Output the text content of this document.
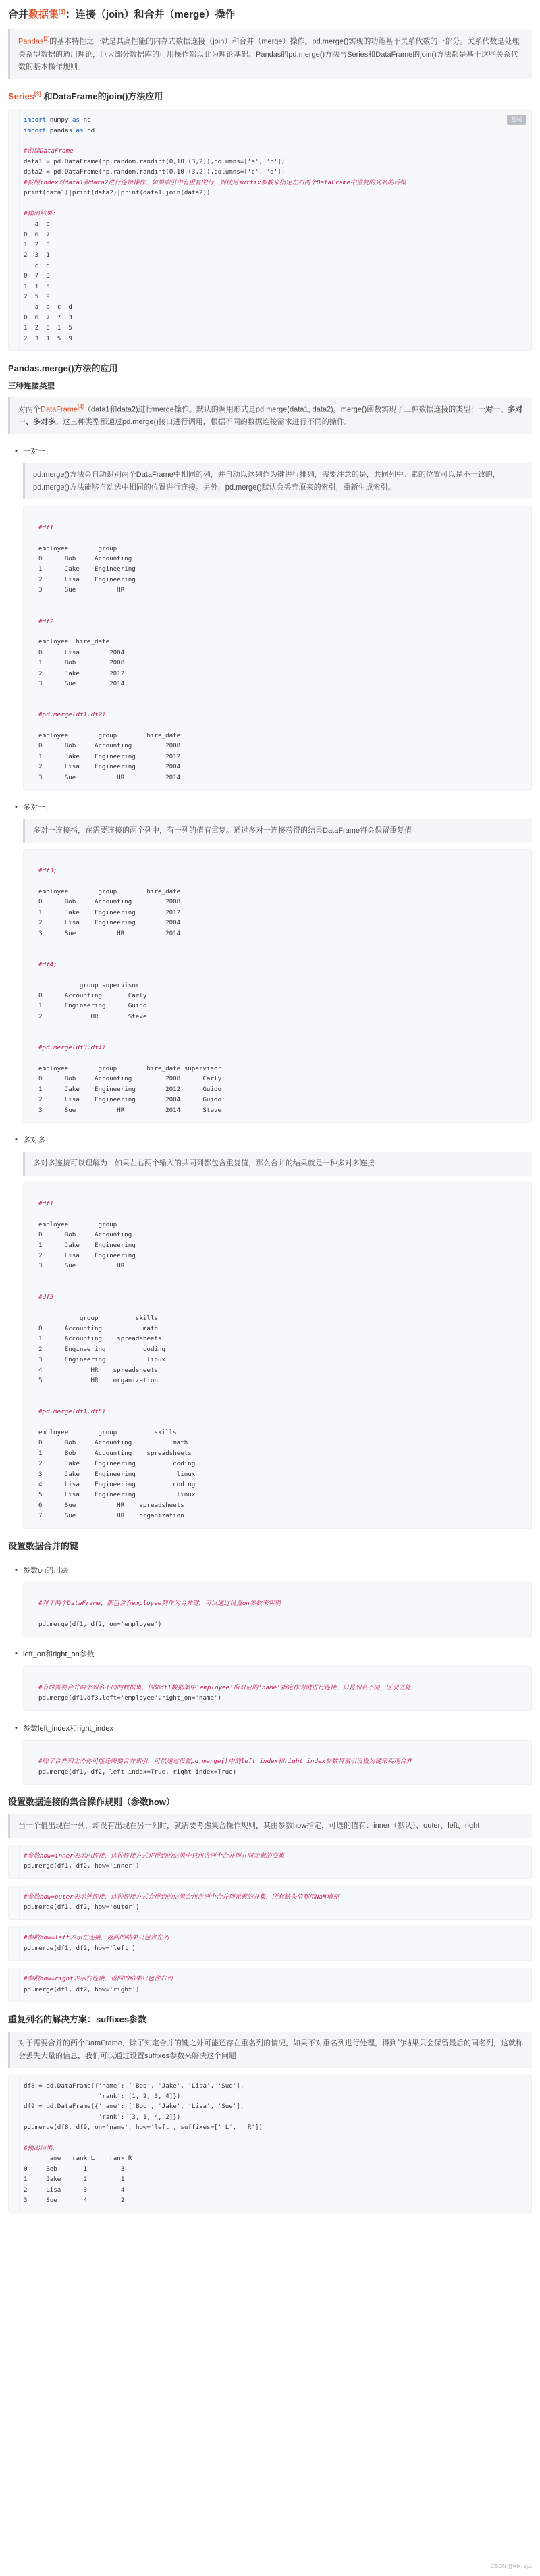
合并数据集[1]：连接（join）和合并（merge）操作
Pandas[2]的基本特性之一就是其高性能的内存式数据连接（join）和合并（merge）操作。pd.merge()实现的功能基于关系代数的一部分。关系代数是处理关系型数据的通用理论，巨大部分数据库的可用操作都以此为理论基础。Pandas的pd.merge()方法与Series和DataFrame的join()方法都是基于这些关系代数的基本操作规则。
Series[3] 和DataFrame的join()方法应用
复制
import numpy as np
import pandas as pd

#创建DataFrame
data1 = pd.DataFrame(np.random.randint(0,10,(3,2)),columns=['a', 'b'])
data2 = pd.DataFrame(np.random.randint(0,10,(3,2)),columns=['c', 'd'])
#按照index对data1和data2进行连接操作，如果索引中有重复的行，则使用suffix参数来指定左右两个DataFrame中重复的列名的后缀
print(data1)|print(data2)|print(data1.join(data2))

#输出结果：
a  b
0  6  7
1  2  0
2  3  1
c  d
0  7  3
1  1  5
2  5  9
a  b  c  d
0  6  7  7  3
1  2  0  1  5
2  3  1  5  9
Pandas.merge()方法的应用
三种连接类型
对两个DataFrame[4]（data1和data2)进行merge操作。默认的调用形式是pd.merge(data1, data2)。merge()函数实现了三种数据连接的类型：一对一、多对一、多对多。这三种类型都通过pd.merge()接口进行调用，根据不同的数据连接需求进行不同的操作。
• 一对一：
pd.merge()方法会自动识别两个DataFrame中相同的列，并自动以这列作为键进行排列，需要注意的是，共同列中元素的位置可以是不一致的，pd.merge()方法能够自动选中相同的位置进行连接。另外，pd.merge()默认会丢弃原来的索引，重新生成索引。

#df1

employee        group
0      Bob     Accounting
1      Jake    Engineering
2      Lisa    Engineering
3      Sue           HR

#df2

employee  hire_date
0      Lisa        2004
1      Bob         2008
2      Jake        2012
3      Sue         2014

#pd.merge(df1,df2)

employee        group        hire_date
0      Bob     Accounting         2008
1      Jake    Engineering        2012
2      Lisa    Engineering        2004
3      Sue           HR           2014
• 多对一：
多对一连接指，在需要连接的两个列中，有一列的值有重复。通过多对一连接获得的结果DataFrame将会保留重复值

#df3;

employee        group        hire_date
0      Bob     Accounting         2008
1      Jake    Engineering        2012
2      Lisa    Engineering        2004
3      Sue           HR           2014

#df4;

group supervisor
0      Accounting       Carly
1      Engineering      Guido
2             HR        Steve

#pd.merge(df3,df4)

employee        group        hire_date supervisor
0      Bob     Accounting         2008      Carly
1      Jake    Engineering        2012      Guido
2      Lisa    Engineering        2004      Guido
3      Sue           HR           2014      Steve
• 多对多：
多对多连接可以理解为：如果左右两个输入的共同列都包含重复值，那么合并的结果就是一种多对多连接

#df1

employee        group
0      Bob     Accounting
1      Jake    Engineering
2      Lisa    Engineering
3      Sue           HR

#df5

group          skills
0      Accounting           math
1      Accounting    spreadsheets
2      Engineering          coding
3      Engineering           linux
4             HR    spreadsheets
5             HR    organization

#pd.merge(df1,df5)

employee        group          skills
0      Bob     Accounting           math
1      Bob     Accounting    spreadsheets
2      Jake    Engineering          coding
3      Jake    Engineering           linux
4      Lisa    Engineering          coding
5      Lisa    Engineering           linux
6      Sue           HR    spreadsheets
7      Sue           HR    organization
设置数据合并的键
• 参数on的用法

#对于两个DataFrame，都包含有employee列作为合并键，可以通过设置on参数来实现

pd.merge(df1, df2, on='employee')
• left_on和right_on参数

#有时需要合并两个列名不同的数据集，例如df1数据集中'employee'所对应的'name'指定作为键进行连接，只是列名不同，区别之处
pd.merge(df1,df3,left='employee',right_on='name')
• 参数left_index和right_index

#除了合并列之外你可能还需要合并索引，可以通过设置pd.merge()中的left_index和right_index参数将索引设置为键来实现合并
pd.merge(df1, df2, left_index=True, right_index=True)
设置数据连接的集合操作规则（参数how）
当一个值出现在一列，却没有出现在另一列时，就需要考虑集合操作规则，其由参数how指定，可选的值有：inner（默认）、outer、left、right
#参数how=inner表示内连接，这种连接方式将得到的结果中只包含两个合并列共同元素的交集
pd.merge(df1, df2, how='inner')
#参数how=outer表示外连接，这种连接方式会得到的结果会包含两个合并列元素的并集，所有缺失值都用NaN填充
pd.merge(df1, df2, how='outer')
#参数how=left表示左连接，返回的结果只包含左列
pd.merge(df1, df2, how='left')
#参数how=right表示右连接，返回的结果只包含右列
pd.merge(df1, df2, how='right')
重复列名的解决方案：suffixes参数
对于需要合并的两个DataFrame，除了知定合并的键之外可能还存在重名列的情况，如果不对重名列进行处理，得到的结果只会保留最后的同名列，这就称会丢失大量的信息，我们可以通过设置suffixes参数来解决这个问题
df8 = pd.DataFrame({'name': ['Bob', 'Jake', 'Lisa', 'Sue'],
'rank': [1, 2, 3, 4]})
df9 = pd.DataFrame({'name': ['Bob', 'Jake', 'Lisa', 'Sue'],
'rank': [3, 1, 4, 2]})
pd.merge(df8, df9, on='name', how='left', suffixes=['_L', '_R'])

#输出结果：
name   rank_L    rank_R
0     Bob       1         3
1     Jake      2         1
2     Lisa      3         4
3     Sue       4         2
CSDN @wlx_zyz
